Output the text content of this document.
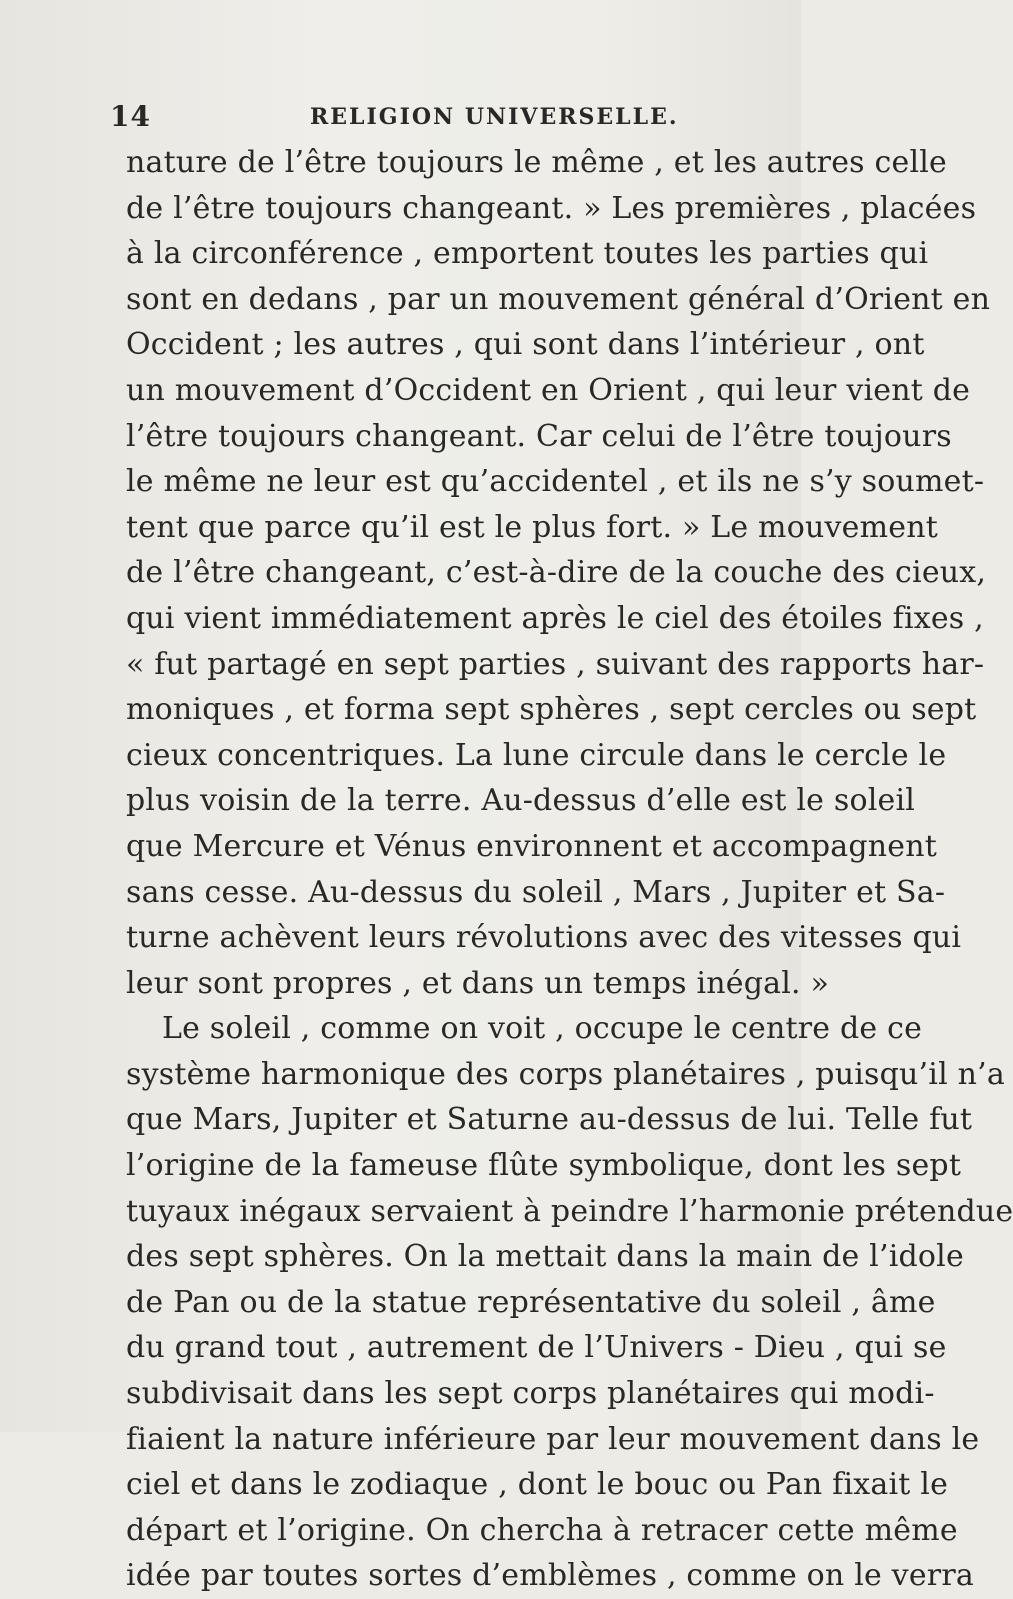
14	RELIGION UNIVERSELLE.
nature de l’être toujours le même , et les autres celle
de l’être toujours changeant. » Les premières , placées
à la circonférence , emportent toutes les parties qui
sont en dedans , par un mouvement général d’Orient en
Occident ; les autres , qui sont dans l’intérieur , ont
un mouvement d’Occident en Orient , qui leur vient de
l’être toujours changeant. Car celui de l’être toujours
le même ne leur est qu’accidentel , et ils ne s’y soumet-
tent que parce qu’il est le plus fort. » Le mouvement
de l’être changeant, c’est-à-dire de la couche des cieux,
qui vient immédiatement après le ciel des étoiles fixes ,
« fut partagé en sept parties , suivant des rapports har-
moniques , et forma sept sphères , sept cercles ou sept
cieux concentriques. La lune circule dans le cercle le
plus voisin de la terre. Au-dessus d’elle est le soleil
que Mercure et Vénus environnent et accompagnent
sans cesse. Au-dessus du soleil , Mars , Jupiter et Sa-
turne achèvent leurs révolutions avec des vitesses qui
leur sont propres , et dans un temps inégal. »
Le soleil , comme on voit , occupe le centre de ce
système harmonique des corps planétaires , puisqu’il n’a
que Mars, Jupiter et Saturne au-dessus de lui. Telle fut
l’origine de la fameuse flûte symbolique, dont les sept
tuyaux inégaux servaient à peindre l’harmonie prétendue
des sept sphères. On la mettait dans la main de l’idole
de Pan ou de la statue représentative du soleil , âme
du grand tout , autrement de l’Univers - Dieu , qui se
subdivisait dans les sept corps planétaires qui modi-
fiaient la nature inférieure par leur mouvement dans le
ciel et dans le zodiaque , dont le bouc ou Pan fixait le
départ et l’origine. On chercha à retracer cette même
idée par toutes sortes d’emblèmes , comme on le verra
